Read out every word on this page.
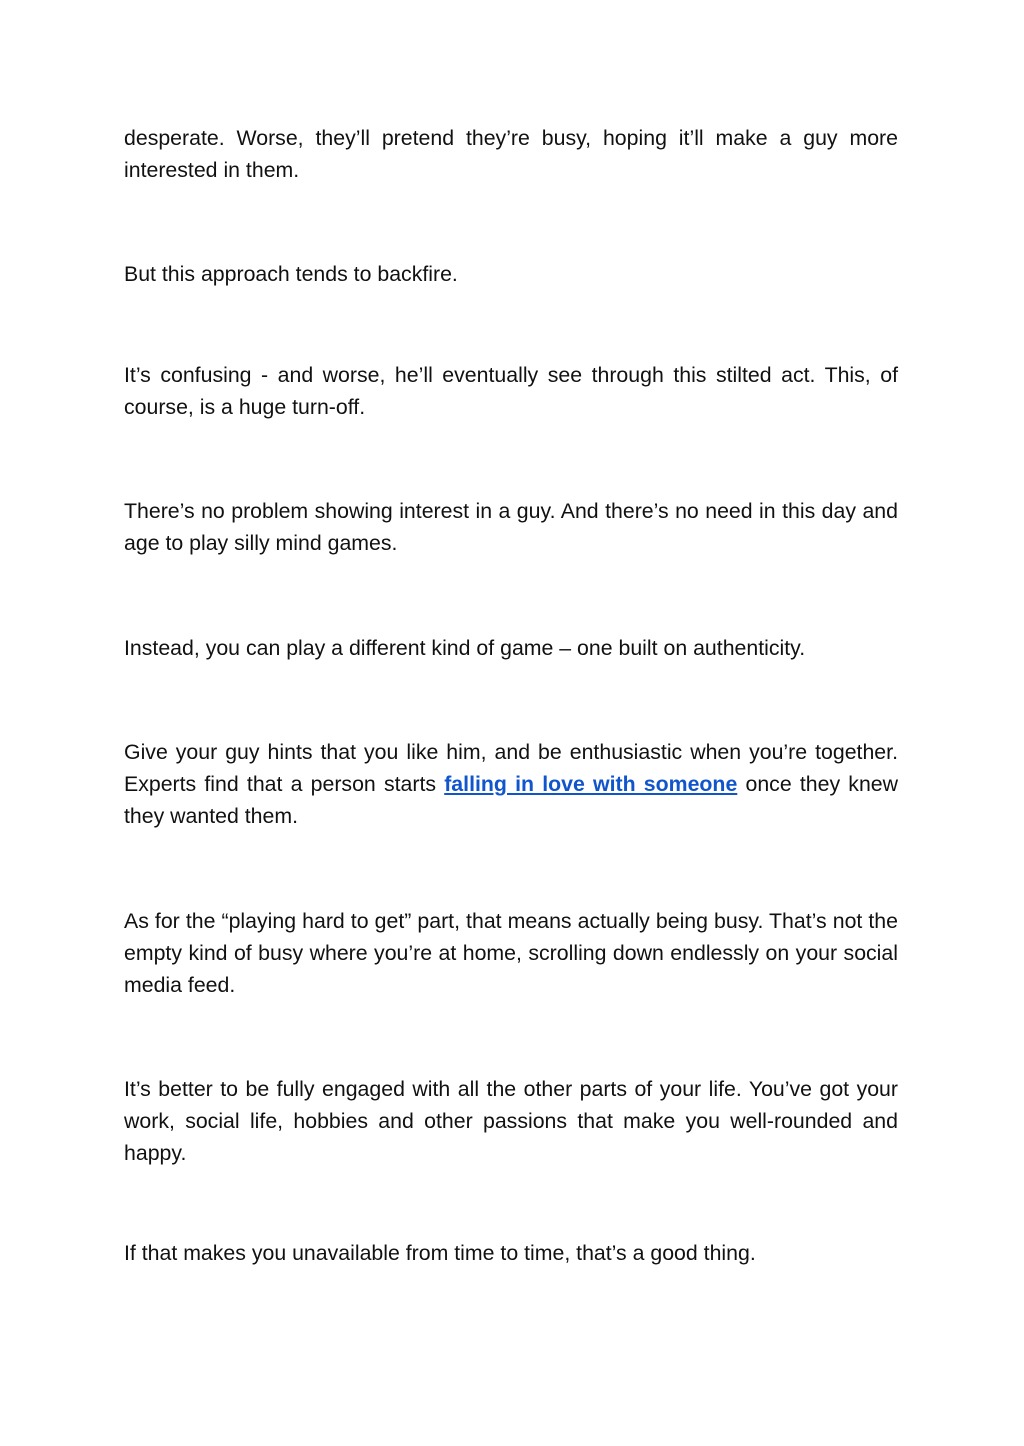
desperate. Worse, they’ll pretend they’re busy, hoping it’ll make a guy more interested in them.

But this approach tends to backfire.

It’s confusing - and worse, he’ll eventually see through this stilted act. This, of course, is a huge turn-off.

There’s no problem showing interest in a guy. And there’s no need in this day and age to play silly mind games.

Instead, you can play a different kind of game – one built on authenticity.

Give your guy hints that you like him, and be enthusiastic when you’re together. Experts find that a person starts falling in love with someone once they knew they wanted them.

As for the “playing hard to get” part, that means actually being busy. That’s not the empty kind of busy where you’re at home, scrolling down endlessly on your social media feed.

It’s better to be fully engaged with all the other parts of your life. You’ve got your work, social life, hobbies and other passions that make you well-rounded and happy.

If that makes you unavailable from time to time, that’s a good thing.
